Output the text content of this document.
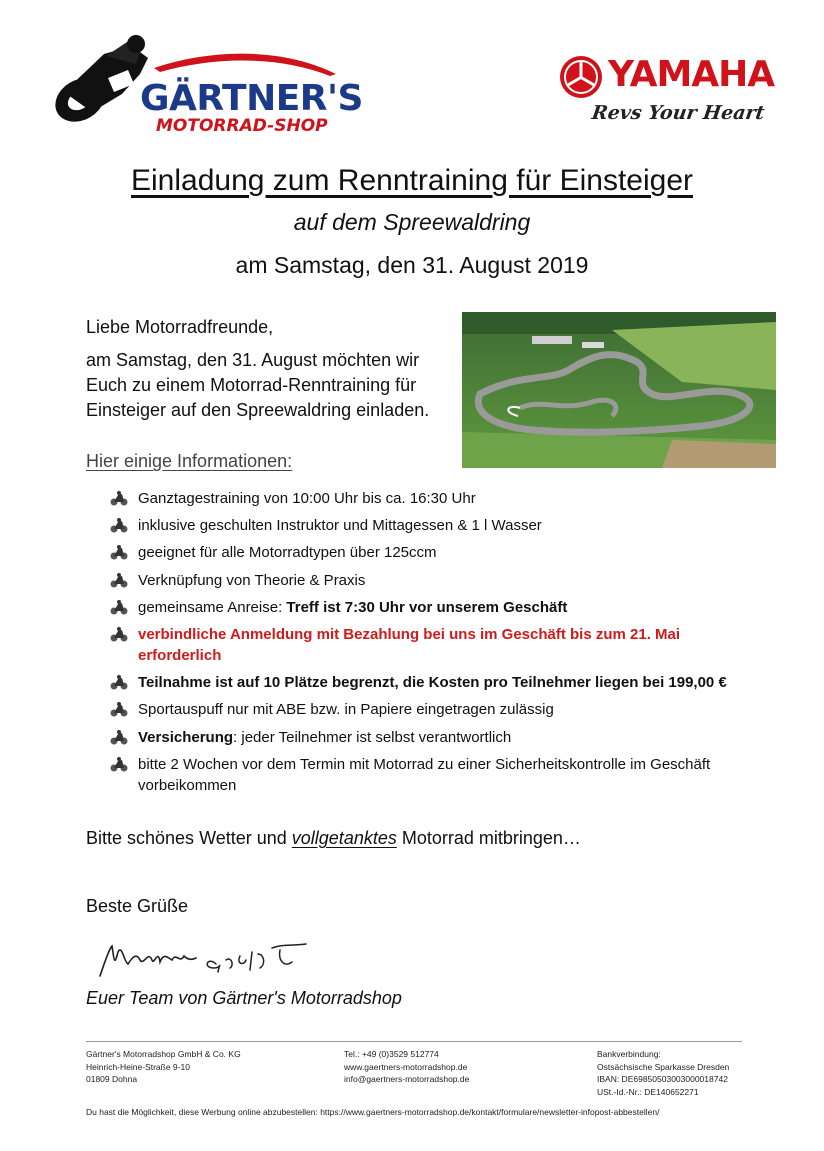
GÄRTNER'S
MOTORRAD-SHOP
YAMAHA
Revs Your Heart
Einladung zum Renntraining für Einsteiger
auf dem Spreewaldring
am Samstag, den 31. August 2019
Liebe Motorradfreunde,
am Samstag, den 31. August möchten wir Euch zu einem Motorrad-Renntraining für Einsteiger auf den Spreewaldring einladen.
Hier einige Informationen:
Ganztagestraining von 10:00 Uhr bis ca. 16:30 Uhr
inklusive geschulten Instruktor und Mittagessen & 1 l Wasser
geeignet für alle Motorradtypen über 125ccm
Verknüpfung von Theorie & Praxis
gemeinsame Anreise: Treff ist 7:30 Uhr vor unserem Geschäft
verbindliche Anmeldung mit Bezahlung bei uns im Geschäft bis zum 21. Mai erforderlich
Teilnahme ist auf 10 Plätze begrenzt, die Kosten pro Teilnehmer liegen bei 199,00 €
Sportauspuff nur mit ABE bzw. in Papiere eingetragen zulässig
Versicherung: jeder Teilnehmer ist selbst verantwortlich
bitte 2 Wochen vor dem Termin mit Motorrad zu einer Sicherheitskontrolle im Geschäft vorbeikommen
Bitte schönes Wetter und vollgetanktes Motorrad mitbringen…
Beste Grüße
Euer Team von Gärtner's Motorradshop
Gärtner's Motorradshop GmbH & Co. KG
Heinrich-Heine-Straße 9-10
01809 Dohna
Tel.: +49 (0)3529 512774
www.gaertners-motorradshop.de
info@gaertners-motorradshop.de
Bankverbindung:
Ostsächsische Sparkasse Dresden
IBAN: DE69850503003000018742
USt.-Id.-Nr.: DE140652271
Du hast die Möglichkeit, diese Werbung online abzubestellen: https://www.gaertners-motorradshop.de/kontakt/formulare/newsletter-infopost-abbestellen/
